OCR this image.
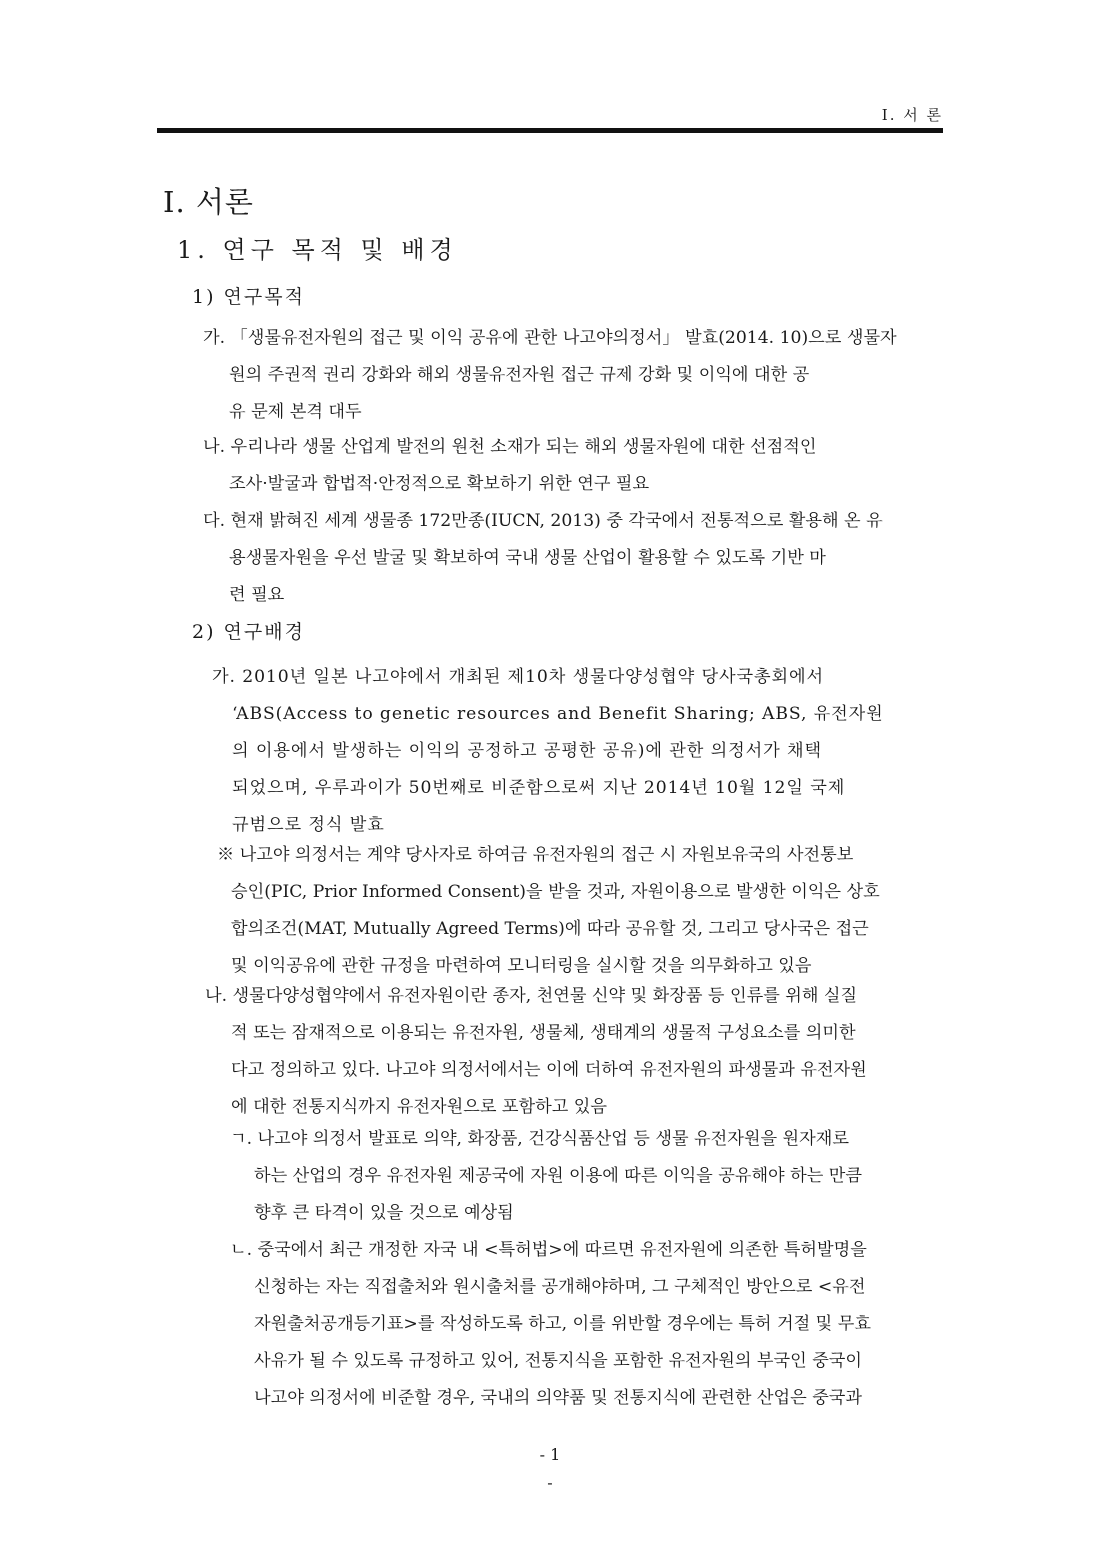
Ⅰ. 서 론
Ⅰ. 서론
1. 연구 목적 및 배경
1) 연구목적
가. 「생물유전자원의 접근 및 이익 공유에 관한 나고야의정서」 발효(2014. 10)으로 생물자
원의 주권적 권리 강화와 해외 생물유전자원 접근 규제 강화 및 이익에 대한 공
유 문제 본격 대두
나. 우리나라 생물 산업계 발전의 원천 소재가 되는 해외 생물자원에 대한 선점적인
조사·발굴과 합법적·안정적으로 확보하기 위한 연구 필요
다. 현재 밝혀진 세계 생물종 172만종(IUCN, 2013) 중 각국에서 전통적으로 활용해 온 유
용생물자원을 우선 발굴 및 확보하여 국내 생물 산업이 활용할 수 있도록 기반 마
련 필요
2) 연구배경
가. 2010년 일본 나고야에서 개최된 제10차 생물다양성협약 당사국총회에서
‘ABS(Access to genetic resources and Benefit Sharing; ABS, 유전자원
의 이용에서 발생하는 이익의 공정하고 공평한 공유)에 관한 의정서가 채택
되었으며, 우루과이가 50번째로 비준함으로써 지난 2014년 10월 12일 국제
규범으로 정식 발효
※ 나고야 의정서는 계약 당사자로 하여금 유전자원의 접근 시 자원보유국의 사전통보
승인(PIC, Prior Informed Consent)을 받을 것과, 자원이용으로 발생한 이익은 상호
합의조건(MAT, Mutually Agreed Terms)에 따라 공유할 것, 그리고 당사국은 접근
및 이익공유에 관한 규정을 마련하여 모니터링을 실시할 것을 의무화하고 있음
나. 생물다양성협약에서 유전자원이란 종자, 천연물 신약 및 화장품 등 인류를 위해 실질
적 또는 잠재적으로 이용되는 유전자원, 생물체, 생태계의 생물적 구성요소를 의미한
다고 정의하고 있다. 나고야 의정서에서는 이에 더하여 유전자원의 파생물과 유전자원
에 대한 전통지식까지 유전자원으로 포함하고 있음
ㄱ. 나고야 의정서 발표로 의약, 화장품, 건강식품산업 등 생물 유전자원을 원자재로
하는 산업의 경우 유전자원 제공국에 자원 이용에 따른 이익을 공유해야 하는 만큼
향후 큰 타격이 있을 것으로 예상됨
ㄴ. 중국에서 최근 개정한 자국 내 <특허법>에 따르면 유전자원에 의존한 특허발명을
신청하는 자는 직접출처와 원시출처를 공개해야하며, 그 구체적인 방안으로 <유전
자원출처공개등기표>를 작성하도록 하고, 이를 위반할 경우에는 특허 거절 및 무효
사유가 될 수 있도록 규정하고 있어, 전통지식을 포함한 유전자원의 부국인 중국이
나고야 의정서에 비준할 경우, 국내의 의약품 및 전통지식에 관련한 산업은 중국과
- 1
-
